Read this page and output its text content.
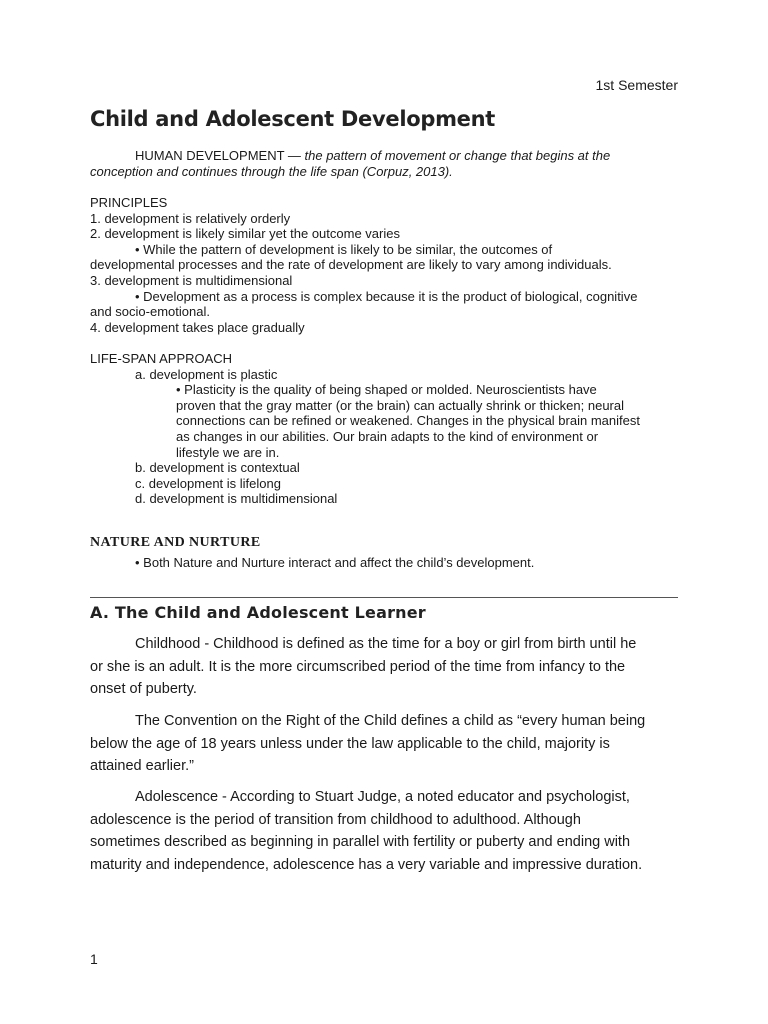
1st Semester
Child and Adolescent Development
HUMAN DEVELOPMENT — the pattern of movement or change that begins at the
conception and continues through the life span (Corpuz, 2013).
PRINCIPLES
1. development is relatively orderly
2. development is likely similar yet the outcome varies
• While the pattern of development is likely to be similar, the outcomes of
developmental processes and the rate of development are likely to vary among individuals.
3. development is multidimensional
• Development as a process is complex because it is the product of biological, cognitive
and socio-emotional.
4. development takes place gradually
LIFE-SPAN APPROACH
a. development is plastic
• Plasticity is the quality of being shaped or molded. Neuroscientists have
proven that the gray matter (or the brain) can actually shrink or thicken; neural
connections can be refined or weakened. Changes in the physical brain manifest
as changes in our abilities. Our brain adapts to the kind of environment or
lifestyle we are in.
b. development is contextual
c. development is lifelong
d. development is multidimensional
NATURE AND NURTURE
• Both Nature and Nurture interact and affect the child’s development.
A. The Child and Adolescent Learner
Childhood - Childhood is defined as the time for a boy or girl from birth until he
or she is an adult. It is the more circumscribed period of the time from infancy to the
onset of puberty.
The Convention on the Right of the Child defines a child as “every human being
below the age of 18 years unless under the law applicable to the child, majority is
attained earlier.”
Adolescence - According to Stuart Judge, a noted educator and psychologist,
adolescence is the period of transition from childhood to adulthood. Although
sometimes described as beginning in parallel with fertility or puberty and ending with
maturity and independence, adolescence has a very variable and impressive duration.
1
